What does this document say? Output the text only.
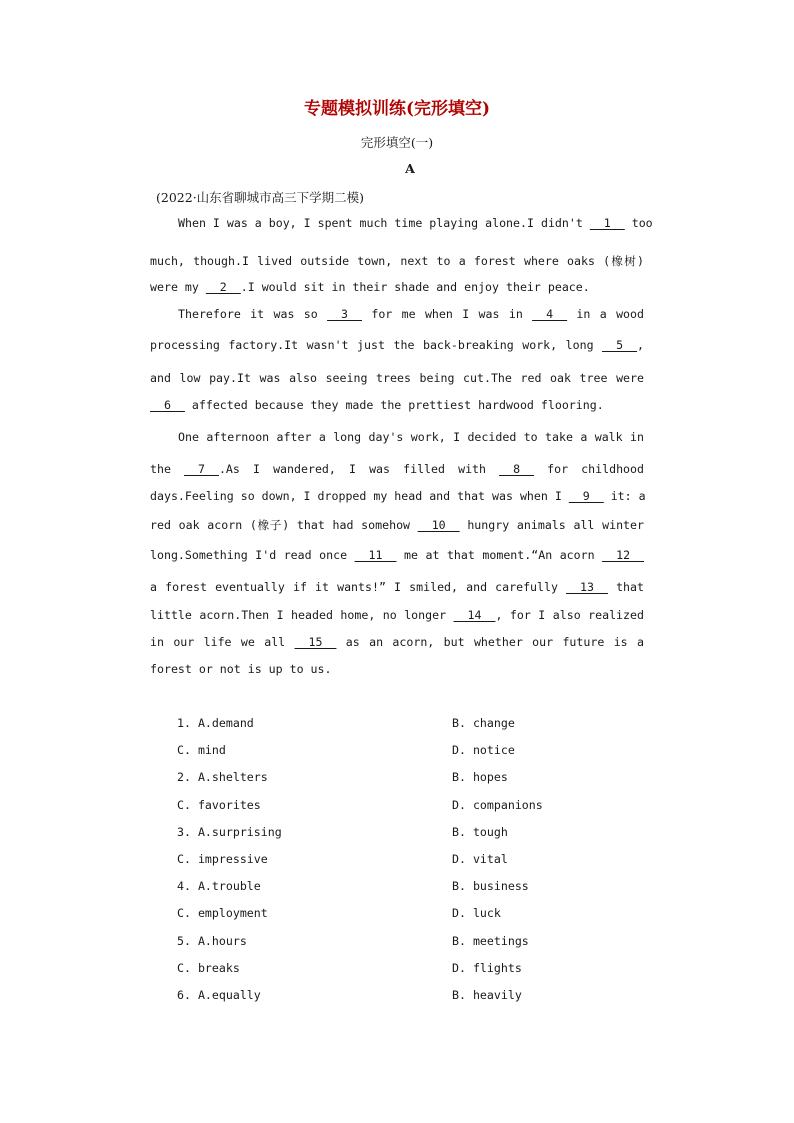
专题模拟训练(完形填空)
完形填空(一)
A
(2022·山东省聊城市高三下学期二模)
When I was a boy, I spent much time playing alone.I didn't __1__ too
much, though.I lived outside town, next to a forest where oaks (橡树)
were my __2__.I would sit in their shade and enjoy their peace.
Therefore it was so __3__ for me when I was in __4__ in a wood
processing factory.It wasn't just the back-breaking work, long __5__,
and low pay.It was also seeing trees being cut.The red oak tree were
__6__ affected because they made the prettiest hardwood flooring.
One afternoon after a long day's work, I decided to take a walk in
the __7__.As I wandered, I was filled with __8__ for childhood
days.Feeling so down, I dropped my head and that was when I __9__ it: a
red oak acorn (橡子) that had somehow __10__ hungry animals all winter
long.Something I'd read once __11__ me at that moment.“An acorn __12__
a forest eventually if it wants!” I smiled, and carefully __13__ that
little acorn.Then I headed home, no longer __14__, for I also realized
in our life we all __15__ as an acorn, but whether our future is a
forest or not is up to us.
1. A.demand	B. change
C. mind	D. notice
2. A.shelters	B. hopes
C. favorites	D. companions
3. A.surprising	B. tough
C. impressive	D. vital
4. A.trouble	B. business
C. employment	D. luck
5. A.hours	B. meetings
C. breaks	D. flights
6. A.equally	B. heavily
